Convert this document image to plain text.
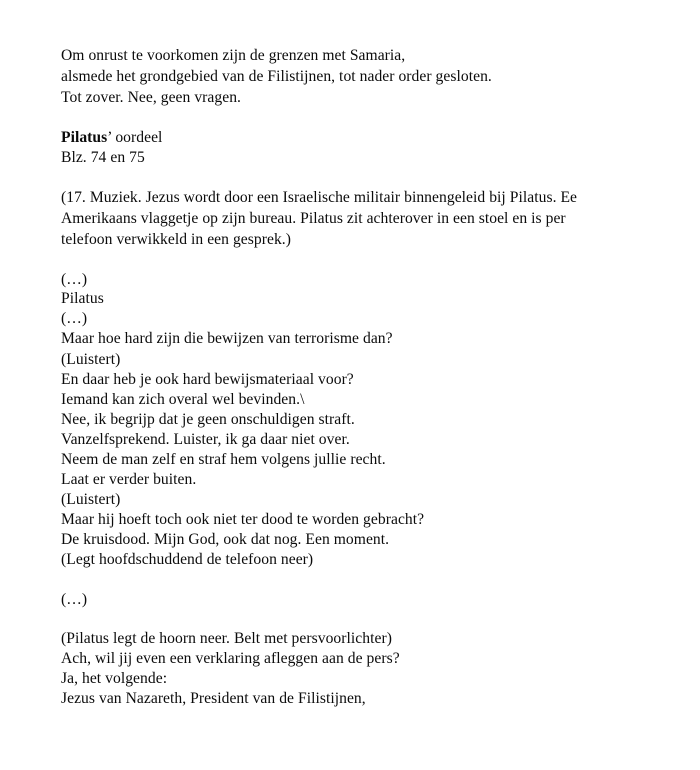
Om onrust te voorkomen zijn de grenzen met Samaria,
alsmede het grondgebied van de Filistijnen, tot nader order gesloten.
Tot zover. Nee, geen vragen.
Pilatus’ oordeel
Blz. 74 en 75
(17. Muziek. Jezus wordt door een Israelische militair binnengeleid bij Pilatus. Ee
Amerikaans vlaggetje op zijn bureau. Pilatus zit achterover in een stoel en is per
telefoon verwikkeld in een gesprek.)
(…)
Pilatus
(…)
Maar hoe hard zijn die bewijzen van terrorisme dan?
(Luistert)
En daar heb je ook hard bewijsmateriaal voor?
Iemand kan zich overal wel bevinden.\
Nee, ik begrijp dat je geen onschuldigen straft.
Vanzelfsprekend. Luister, ik ga daar niet over.
Neem de man zelf en straf hem volgens jullie recht.
Laat er verder buiten.
(Luistert)
Maar hij hoeft toch ook niet ter dood te worden gebracht?
De kruisdood. Mijn God, ook dat nog. Een moment.
(Legt hoofdschuddend de telefoon neer)
(…)
(Pilatus legt de hoorn neer. Belt met persvoorlichter)
Ach, wil jij even een verklaring afleggen aan de pers?
Ja, het volgende:
Jezus van Nazareth, President van de Filistijnen,
